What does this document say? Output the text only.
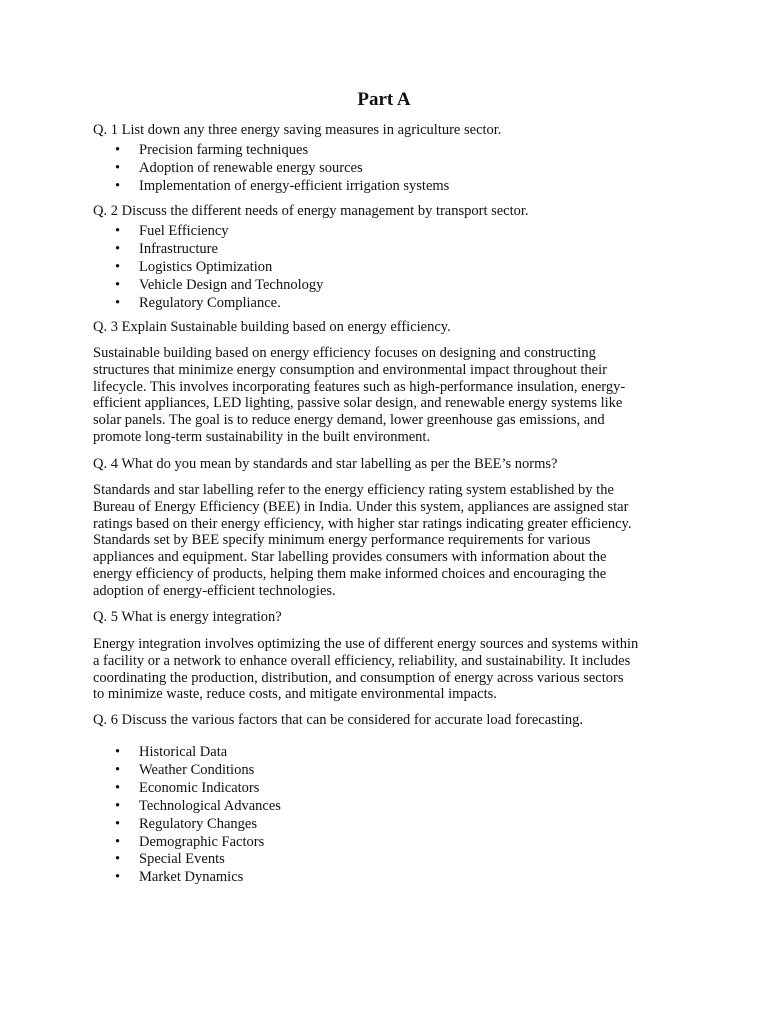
Part A

Q. 1 List down any three energy saving measures in agriculture sector.

• Precision farming techniques
• Adoption of renewable energy sources
• Implementation of energy-efficient irrigation systems

Q. 2 Discuss the different needs of energy management by transport sector.

• Fuel Efficiency
• Infrastructure
• Logistics Optimization
• Vehicle Design and Technology
• Regulatory Compliance.

Q. 3 Explain Sustainable building based on energy efficiency.

Sustainable building based on energy efficiency focuses on designing and constructing
structures that minimize energy consumption and environmental impact throughout their
lifecycle. This involves incorporating features such as high-performance insulation, energy-
efficient appliances, LED lighting, passive solar design, and renewable energy systems like
solar panels. The goal is to reduce energy demand, lower greenhouse gas emissions, and
promote long-term sustainability in the built environment.

Q. 4 What do you mean by standards and star labelling as per the BEE’s norms?

Standards and star labelling refer to the energy efficiency rating system established by the
Bureau of Energy Efficiency (BEE) in India. Under this system, appliances are assigned star
ratings based on their energy efficiency, with higher star ratings indicating greater efficiency.
Standards set by BEE specify minimum energy performance requirements for various
appliances and equipment. Star labelling provides consumers with information about the
energy efficiency of products, helping them make informed choices and encouraging the
adoption of energy-efficient technologies.

Q. 5 What is energy integration?

Energy integration involves optimizing the use of different energy sources and systems within
a facility or a network to enhance overall efficiency, reliability, and sustainability. It includes
coordinating the production, distribution, and consumption of energy across various sectors
to minimize waste, reduce costs, and mitigate environmental impacts.

Q. 6 Discuss the various factors that can be considered for accurate load forecasting.

• Historical Data
• Weather Conditions
• Economic Indicators
• Technological Advances
• Regulatory Changes
• Demographic Factors
• Special Events
• Market Dynamics
